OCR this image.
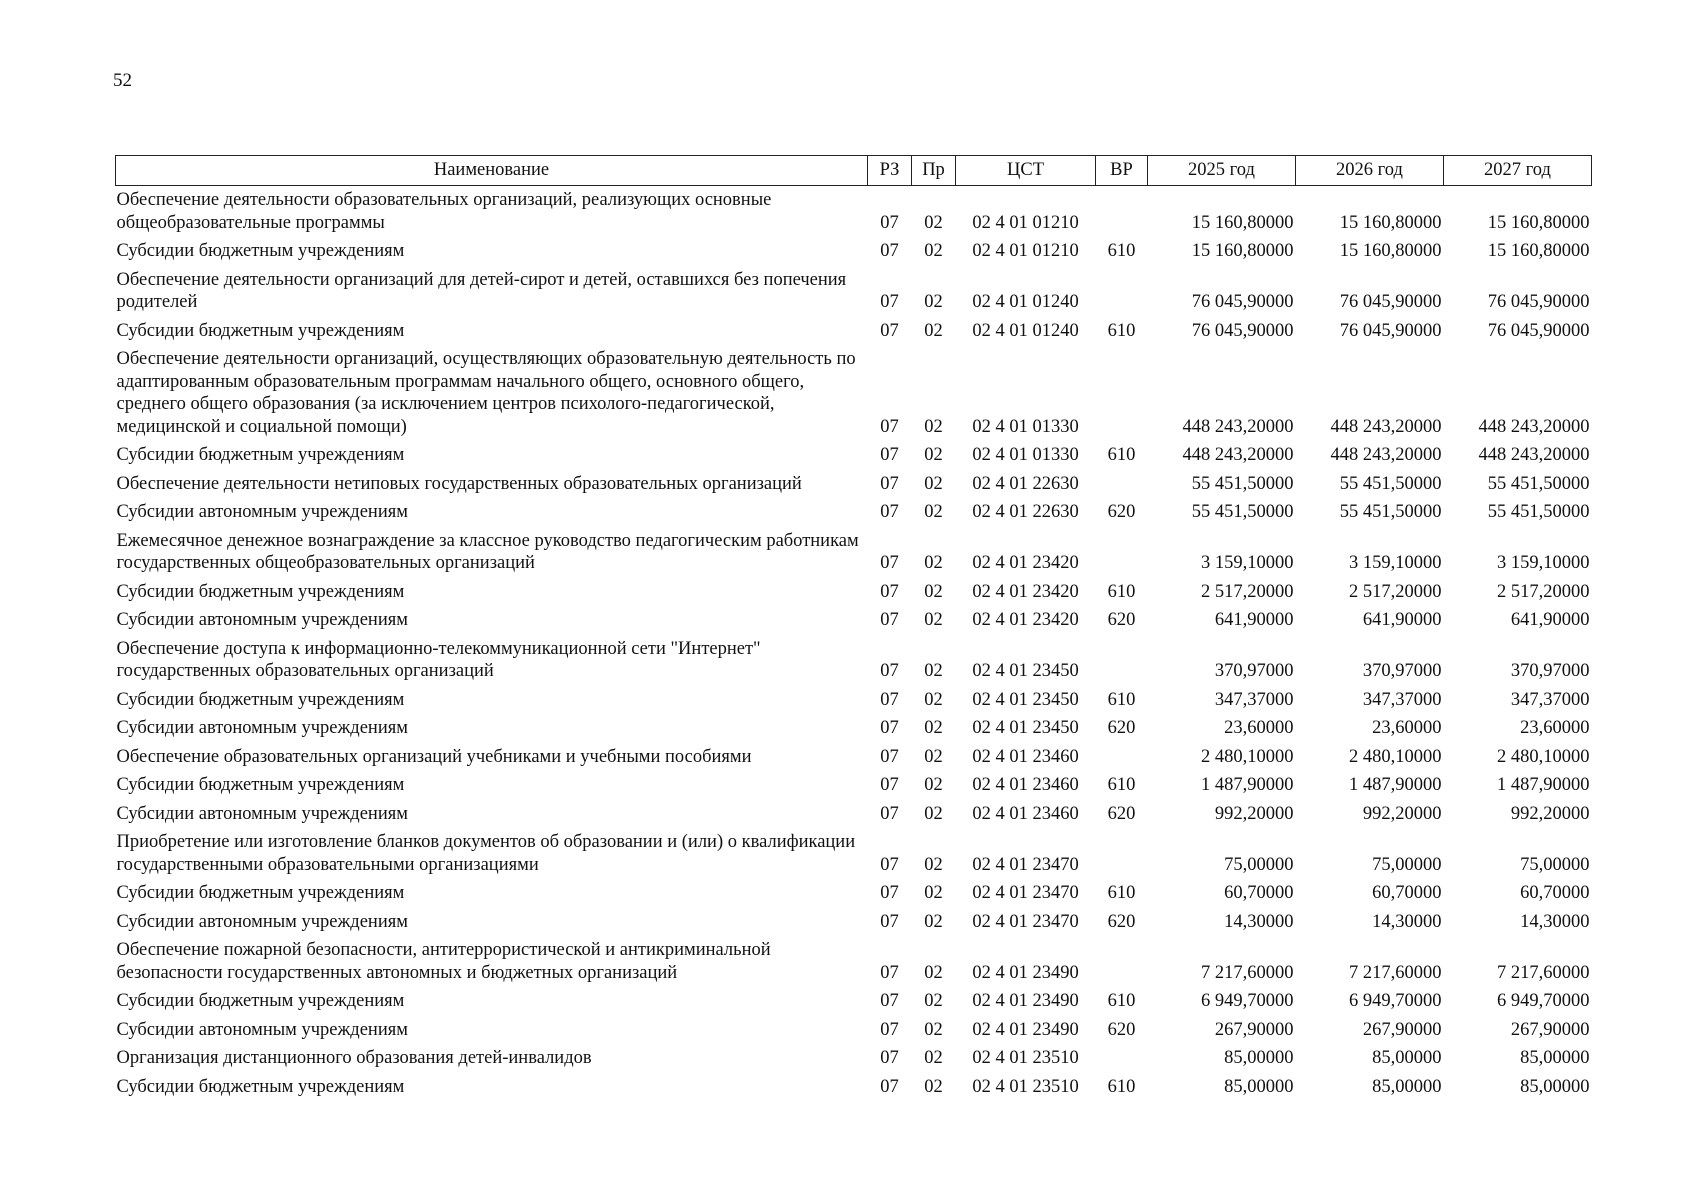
52
Наименование	РЗ	Пр	ЦСТ	ВР	2025 год	2026 год	2027 год
Обеспечение деятельности образовательных организаций, реализующих основные общеобразовательные программы	07	02	02 4 01 01210		15 160,80000	15 160,80000	15 160,80000
Субсидии бюджетным учреждениям	07	02	02 4 01 01210	610	15 160,80000	15 160,80000	15 160,80000
Обеспечение деятельности организаций для детей-сирот и детей, оставшихся без попечения родителей	07	02	02 4 01 01240		76 045,90000	76 045,90000	76 045,90000
Субсидии бюджетным учреждениям	07	02	02 4 01 01240	610	76 045,90000	76 045,90000	76 045,90000
Обеспечение деятельности организаций, осуществляющих образовательную деятельность по адаптированным образовательным программам начального общего, основного общего, среднего общего образования (за исключением центров психолого-педагогической, медицинской и социальной помощи)	07	02	02 4 01 01330		448 243,20000	448 243,20000	448 243,20000
Субсидии бюджетным учреждениям	07	02	02 4 01 01330	610	448 243,20000	448 243,20000	448 243,20000
Обеспечение деятельности нетиповых государственных образовательных организаций	07	02	02 4 01 22630		55 451,50000	55 451,50000	55 451,50000
Субсидии автономным учреждениям	07	02	02 4 01 22630	620	55 451,50000	55 451,50000	55 451,50000
Ежемесячное денежное вознаграждение за классное руководство педагогическим работникам государственных общеобразовательных организаций	07	02	02 4 01 23420		3 159,10000	3 159,10000	3 159,10000
Субсидии бюджетным учреждениям	07	02	02 4 01 23420	610	2 517,20000	2 517,20000	2 517,20000
Субсидии автономным учреждениям	07	02	02 4 01 23420	620	641,90000	641,90000	641,90000
Обеспечение доступа к информационно-телекоммуникационной сети "Интернет" государственных образовательных организаций	07	02	02 4 01 23450		370,97000	370,97000	370,97000
Субсидии бюджетным учреждениям	07	02	02 4 01 23450	610	347,37000	347,37000	347,37000
Субсидии автономным учреждениям	07	02	02 4 01 23450	620	23,60000	23,60000	23,60000
Обеспечение образовательных организаций учебниками и учебными пособиями	07	02	02 4 01 23460		2 480,10000	2 480,10000	2 480,10000
Субсидии бюджетным учреждениям	07	02	02 4 01 23460	610	1 487,90000	1 487,90000	1 487,90000
Субсидии автономным учреждениям	07	02	02 4 01 23460	620	992,20000	992,20000	992,20000
Приобретение или изготовление бланков документов об образовании и (или) о квалификации государственными образовательными организациями	07	02	02 4 01 23470		75,00000	75,00000	75,00000
Субсидии бюджетным учреждениям	07	02	02 4 01 23470	610	60,70000	60,70000	60,70000
Субсидии автономным учреждениям	07	02	02 4 01 23470	620	14,30000	14,30000	14,30000
Обеспечение пожарной безопасности, антитеррористической и антикриминальной безопасности государственных автономных и бюджетных организаций	07	02	02 4 01 23490		7 217,60000	7 217,60000	7 217,60000
Субсидии бюджетным учреждениям	07	02	02 4 01 23490	610	6 949,70000	6 949,70000	6 949,70000
Субсидии автономным учреждениям	07	02	02 4 01 23490	620	267,90000	267,90000	267,90000
Организация дистанционного образования детей-инвалидов	07	02	02 4 01 23510		85,00000	85,00000	85,00000
Субсидии бюджетным учреждениям	07	02	02 4 01 23510	610	85,00000	85,00000	85,00000
